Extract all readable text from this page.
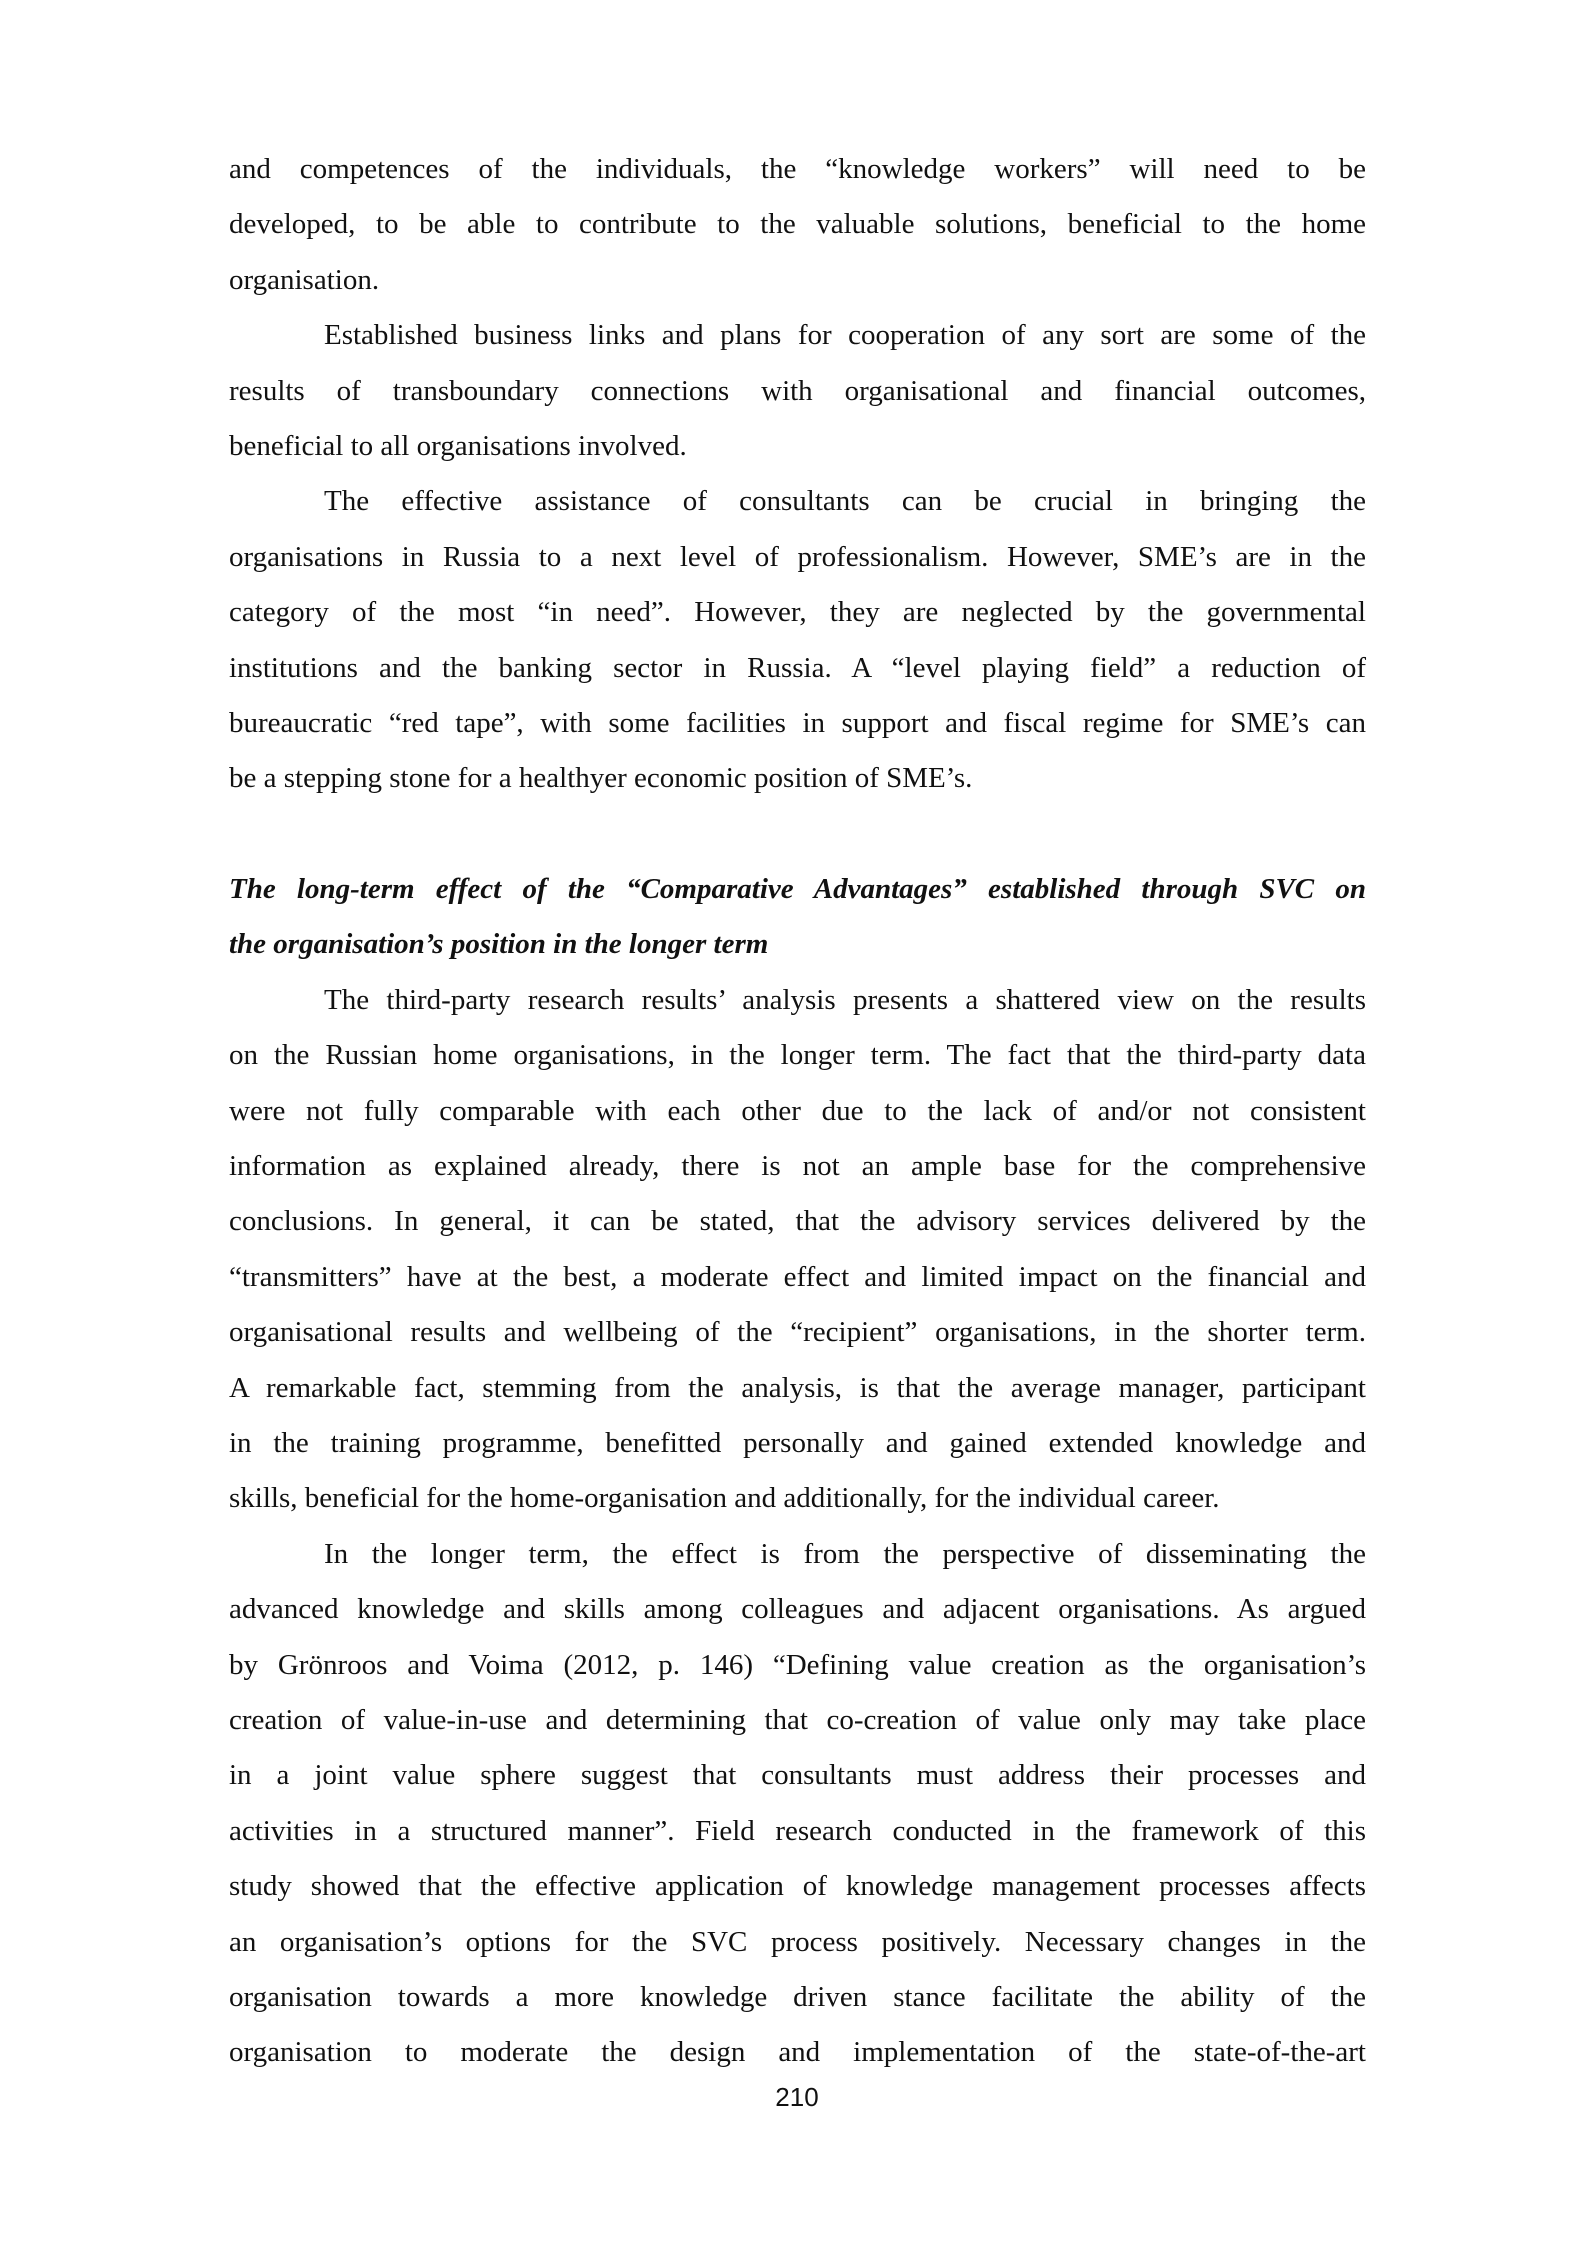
and competences of the individuals, the “knowledge workers” will need to be
developed, to be able to contribute to the valuable solutions, beneficial to the home
organisation.
Established business links and plans for cooperation of any sort are some of the
results of transboundary connections with organisational and financial outcomes,
beneficial to all organisations involved.
The effective assistance of consultants can be crucial in bringing the
organisations in Russia to a next level of professionalism. However, SME’s are in the
category of the most “in need”. However, they are neglected by the governmental
institutions and the banking sector in Russia. A “level playing field” a reduction of
bureaucratic “red tape”, with some facilities in support and fiscal regime for SME’s can
be a stepping stone for a healthyer economic position of SME’s.
The long-term effect of the “Comparative Advantages” established through SVC on
the organisation’s position in the longer term
The third-party research results’ analysis presents a shattered view on the results
on the Russian home organisations, in the longer term. The fact that the third-party data
were not fully comparable with each other due to the lack of and/or not consistent
information as explained already, there is not an ample base for the comprehensive
conclusions. In general, it can be stated, that the advisory services delivered by the
“transmitters” have at the best, a moderate effect and limited impact on the financial and
organisational results and wellbeing of the “recipient” organisations, in the shorter term.
A remarkable fact, stemming from the analysis, is that the average manager, participant
in the training programme, benefitted personally and gained extended knowledge and
skills, beneficial for the home-organisation and additionally, for the individual career.
In the longer term, the effect is from the perspective of disseminating the
advanced knowledge and skills among colleagues and adjacent organisations. As argued
by Grönroos and Voima (2012, p. 146) “Defining value creation as the organisation’s
creation of value-in-use and determining that co-creation of value only may take place
in a joint value sphere suggest that consultants must address their processes and
activities in a structured manner”. Field research conducted in the framework of this
study showed that the effective application of knowledge management processes affects
an organisation’s options for the SVC process positively. Necessary changes in the
organisation towards a more knowledge driven stance facilitate the ability of the
organisation to moderate the design and implementation of the state-of-the-art
210
